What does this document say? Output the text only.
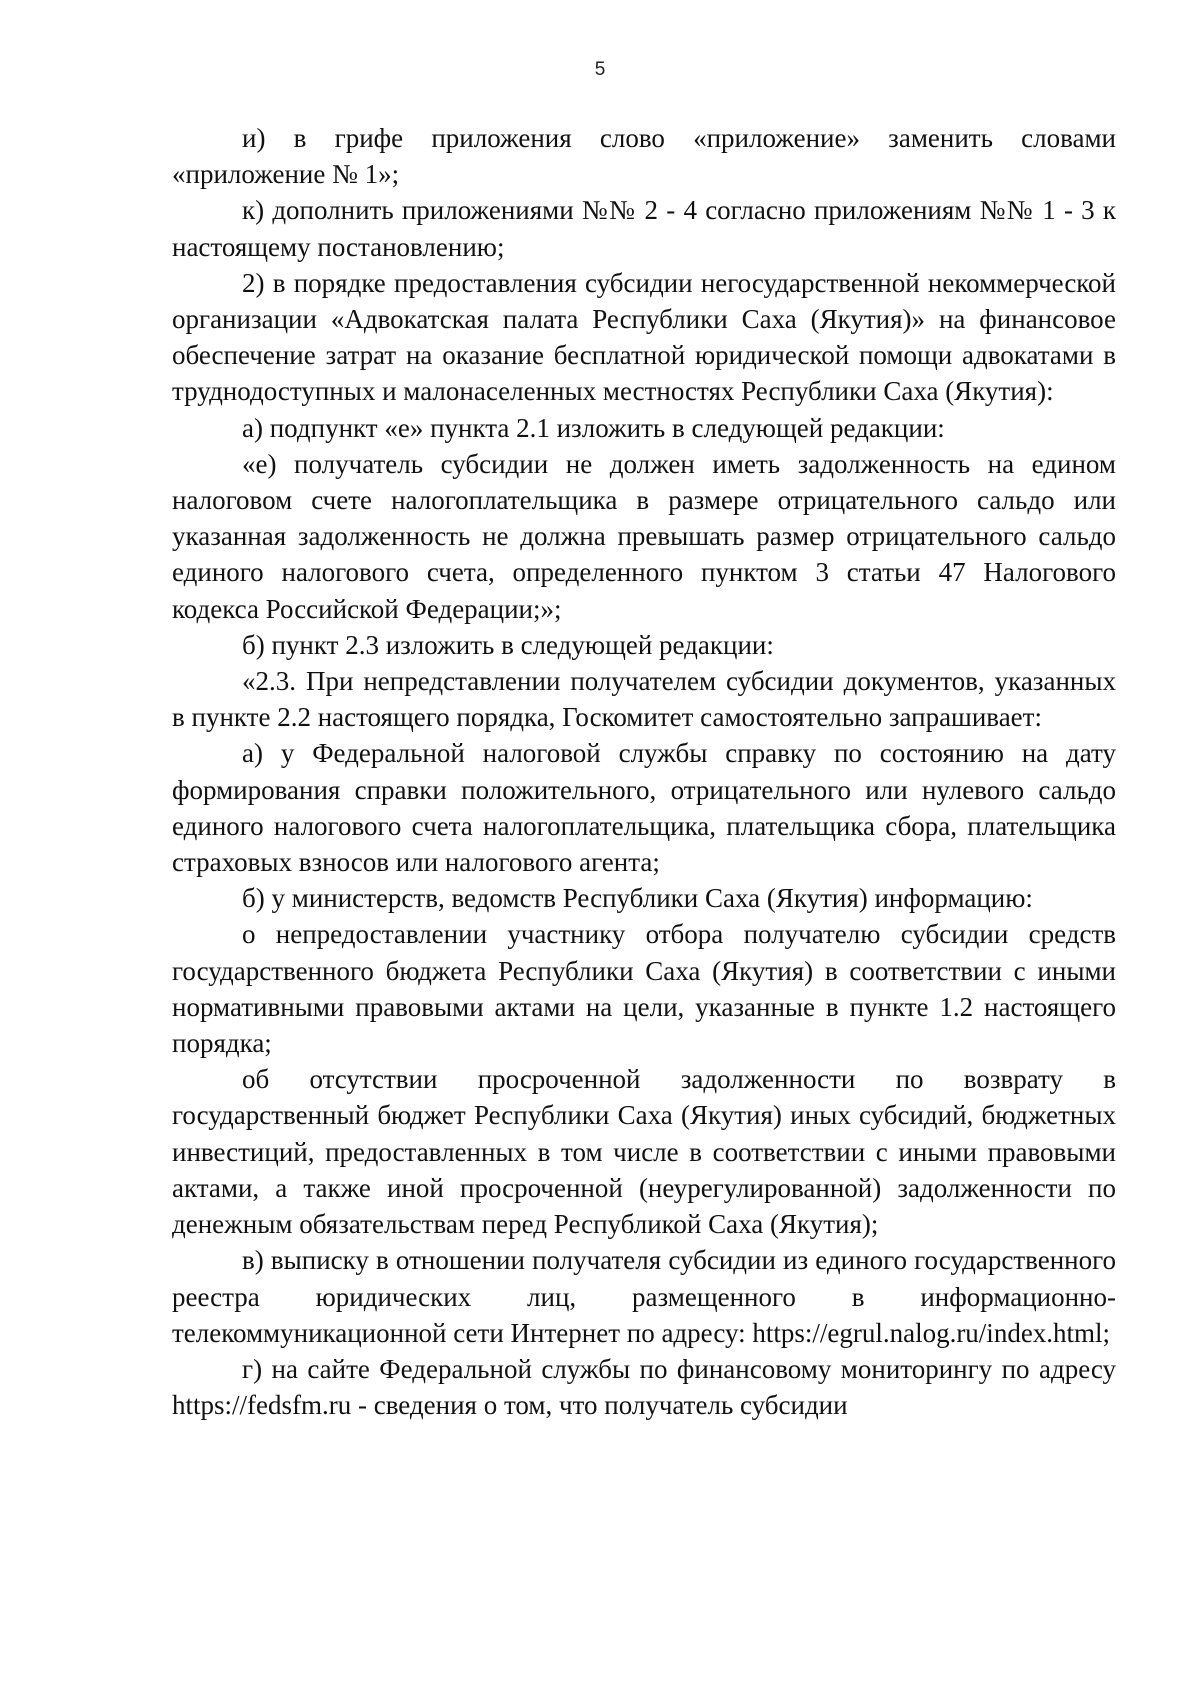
5

и) в грифе приложения слово «приложение» заменить словами «приложение № 1»;

к) дополнить приложениями №№ 2 - 4 согласно приложениям №№ 1 - 3 к настоящему постановлению;

2) в порядке предоставления субсидии негосударственной некоммерческой организации «Адвокатская палата Республики Саха (Якутия)» на финансовое обеспечение затрат на оказание бесплатной юридической помощи адвокатами в труднодоступных и малонаселенных местностях Республики Саха (Якутия):

а) подпункт «е» пункта 2.1 изложить в следующей редакции:

«е) получатель субсидии не должен иметь задолженность на едином налоговом счете налогоплательщика в размере отрицательного сальдо или указанная задолженность не должна превышать размер отрицательного сальдо единого налогового счета, определенного пунктом 3 статьи 47 Налогового кодекса Российской Федерации;»;

б) пункт 2.3 изложить в следующей редакции:

«2.3. При непредставлении получателем субсидии документов, указанных в пункте 2.2 настоящего порядка, Госкомитет самостоятельно запрашивает:

а) у Федеральной налоговой службы справку по состоянию на дату формирования справки положительного, отрицательного или нулевого сальдо единого налогового счета налогоплательщика, плательщика сбора, плательщика страховых взносов или налогового агента;

б) у министерств, ведомств Республики Саха (Якутия) информацию:

о непредоставлении участнику отбора получателю субсидии средств государственного бюджета Республики Саха (Якутия) в соответствии с иными нормативными правовыми актами на цели, указанные в пункте 1.2 настоящего порядка;

об отсутствии просроченной задолженности по возврату в государственный бюджет Республики Саха (Якутия) иных субсидий, бюджетных инвестиций, предоставленных в том числе в соответствии с иными правовыми актами, а также иной просроченной (неурегулированной) задолженности по денежным обязательствам перед Республикой Саха (Якутия);

в) выписку в отношении получателя субсидии из единого государственного реестра юридических лиц, размещенного в информационно-телекоммуникационной сети Интернет по адресу: https://egrul.nalog.ru/index.html;

г) на сайте Федеральной службы по финансовому мониторингу по адресу https://fedsfm.ru - сведения о том, что получатель субсидии
